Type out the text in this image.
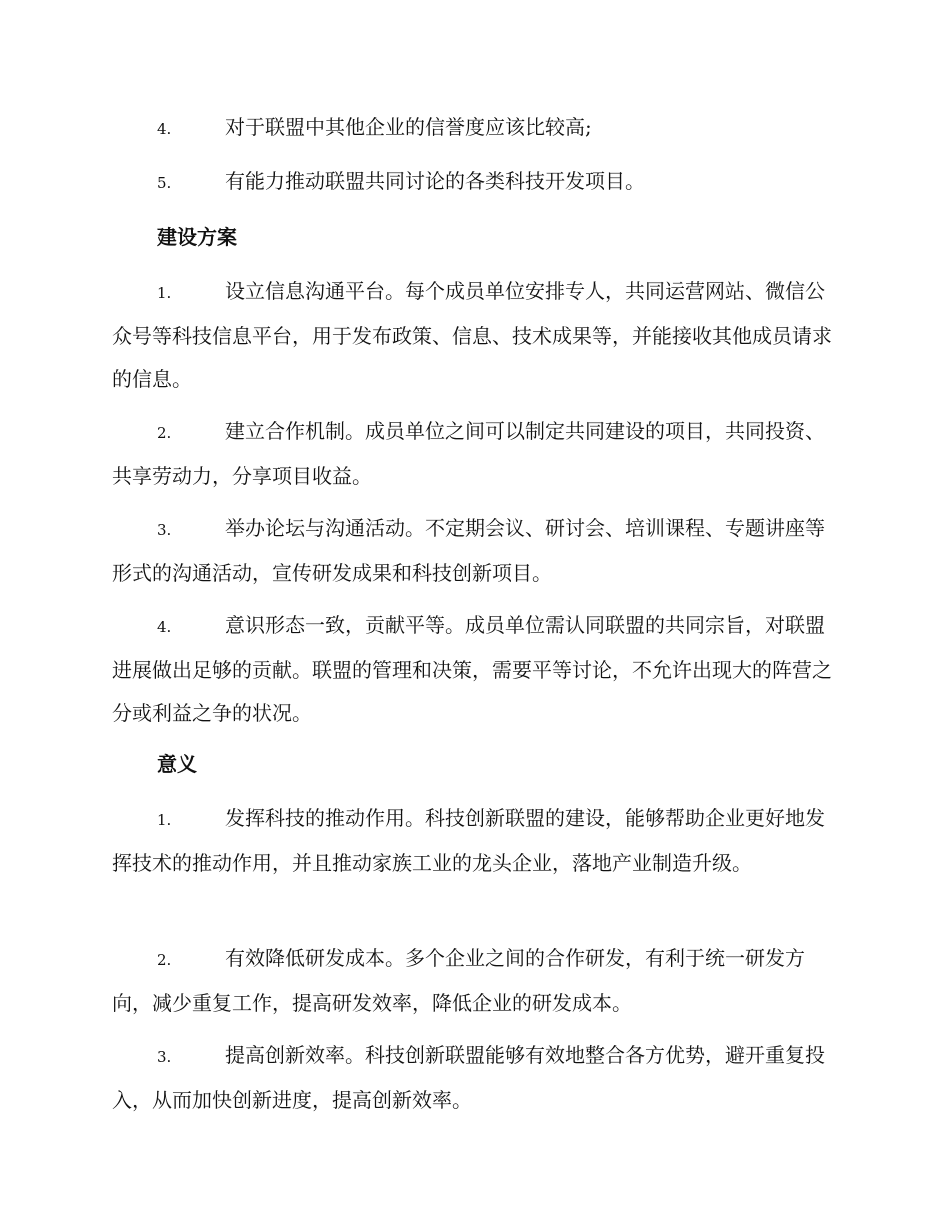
4.	对于联盟中其他企业的信誉度应该比较高;

5.	有能力推动联盟共同讨论的各类科技开发项目。

建设方案

1.	设立信息沟通平台。每个成员单位安排专人，共同运营网站、微信公众号等科技信息平台，用于发布政策、信息、技术成果等，并能接收其他成员请求的信息。

2.	建立合作机制。成员单位之间可以制定共同建设的项目，共同投资、共享劳动力，分享项目收益。

3.	举办论坛与沟通活动。不定期会议、研讨会、培训课程、专题讲座等形式的沟通活动，宣传研发成果和科技创新项目。

4.	意识形态一致，贡献平等。成员单位需认同联盟的共同宗旨，对联盟进展做出足够的贡献。联盟的管理和决策，需要平等讨论，不允许出现大的阵营之分或利益之争的状况。

意义

1.	发挥科技的推动作用。科技创新联盟的建设，能够帮助企业更好地发挥技术的推动作用，并且推动家族工业的龙头企业，落地产业制造升级。

2.	有效降低研发成本。多个企业之间的合作研发，有利于统一研发方向，减少重复工作，提高研发效率，降低企业的研发成本。

3.	提高创新效率。科技创新联盟能够有效地整合各方优势，避开重复投入，从而加快创新进度，提高创新效率。
